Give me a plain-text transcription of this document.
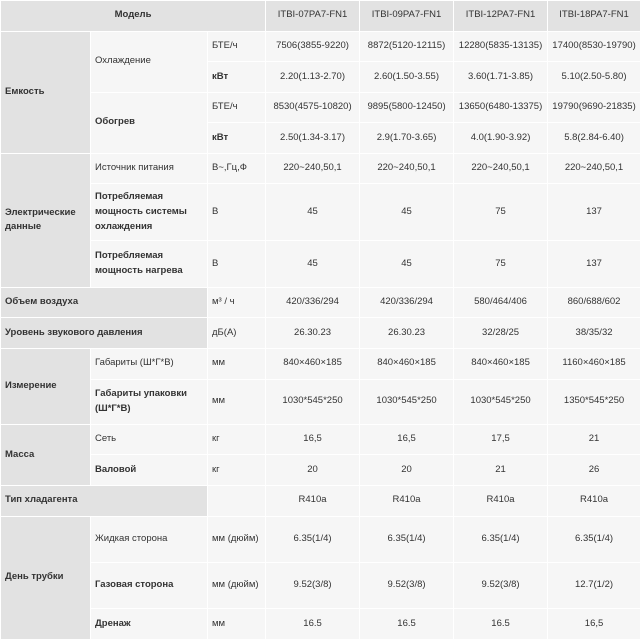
Модель			ITBI-07PA7-FN1	ITBI-09PA7-FN1	ITBI-12PA7-FN1	ITBI-18PA7-FN1
Емкость	Охлаждение	БТЕ/ч	7506(3855-9220)	8872(5120-12115)	12280(5835-13135)	17400(8530-19790)
		кВт	2.20(1.13-2.70)	2.60(1.50-3.55)	3.60(1.71-3.85)	5.10(2.50-5.80)
	Обогрев	БТЕ/ч	8530(4575-10820)	9895(5800-12450)	13650(6480-13375)	19790(9690-21835)
		кВт	2.50(1.34-3.17)	2.9(1.70-3.65)	4.0(1.90-3.92)	5.8(2.84-6.40)
Электрические данные	Источник питания	В~,Гц,Ф	220~240,50,1	220~240,50,1	220~240,50,1	220~240,50,1
	Потребляемая мощность системы охлаждения	В	45	45	75	137
	Потребляемая мощность нагрева	В	45	45	75	137
Объем воздуха		м³ / ч	420/336/294	420/336/294	580/464/406	860/688/602
Уровень звукового давления		дБ(А)	26.30.23	26.30.23	32/28/25	38/35/32
Измерение	Габариты (Ш*Г*В)	мм	840×460×185	840×460×185	840×460×185	1160×460×185
	Габариты упаковки (Ш*Г*В)	мм	1030*545*250	1030*545*250	1030*545*250	1350*545*250
Масса	Сеть	кг	16,5	16,5	17,5	21
	Валовой	кг	20	20	21	26
Тип хладагента			R410a	R410a	R410a	R410a
День трубки	Жидкая сторона	мм (дюйм)	6.35(1/4)	6.35(1/4)	6.35(1/4)	6.35(1/4)
	Газовая сторона	мм (дюйм)	9.52(3/8)	9.52(3/8)	9.52(3/8)	12.7(1/2)
	Дренаж	мм	16.5	16.5	16.5	16,5
